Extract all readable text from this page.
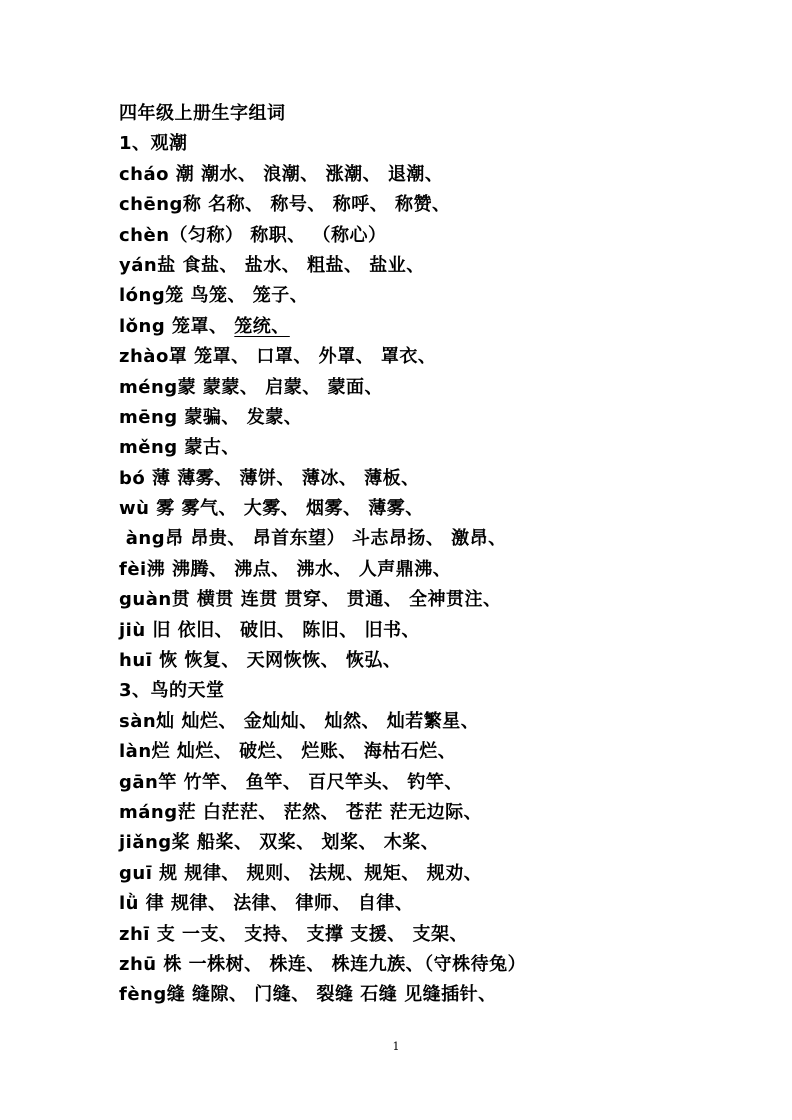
四年级上册生字组词
1、观潮
cháo 潮 潮水、 浪潮、 涨潮、 退潮、
chēng称 名称、 称号、 称呼、 称赞、
chèn（匀称） 称职、 （称心）
yán盐 食盐、 盐水、 粗盐、 盐业、
lóng笼 鸟笼、 笼子、
lǒng 笼罩、 笼统、
zhào罩 笼罩、 口罩、 外罩、 罩衣、
méng蒙 蒙蒙、 启蒙、 蒙面、
mēng 蒙骗、 发蒙、
měng 蒙古、
bó 薄 薄雾、 薄饼、 薄冰、 薄板、
wù 雾 雾气、 大雾、 烟雾、 薄雾、
àng昂 昂贵、 昂首东望） 斗志昂扬、 激昂、
fèi沸 沸腾、 沸点、 沸水、 人声鼎沸、
guàn贯 横贯 连贯 贯穿、 贯通、 全神贯注、
jiù 旧 依旧、 破旧、 陈旧、 旧书、
huī 恢 恢复、 天网恢恢、 恢弘、
3、鸟的天堂
sàn灿 灿烂、 金灿灿、 灿然、 灿若繁星、
làn烂 灿烂、 破烂、 烂账、 海枯石烂、
gān竿 竹竿、 鱼竿、 百尺竿头、 钓竿、
máng茫 白茫茫、 茫然、 苍茫 茫无边际、
jiǎng桨 船桨、 双桨、 划桨、 木桨、
guī 规 规律、 规则、 法规、规矩、 规劝、
lǜ 律 规律、 法律、 律师、 自律、
zhī 支 一支、 支持、 支撑 支援、 支架、
zhū 株 一株树、 株连、 株连九族、（守株待兔）
fèng缝 缝隙、 门缝、 裂缝 石缝 见缝插针、
1
